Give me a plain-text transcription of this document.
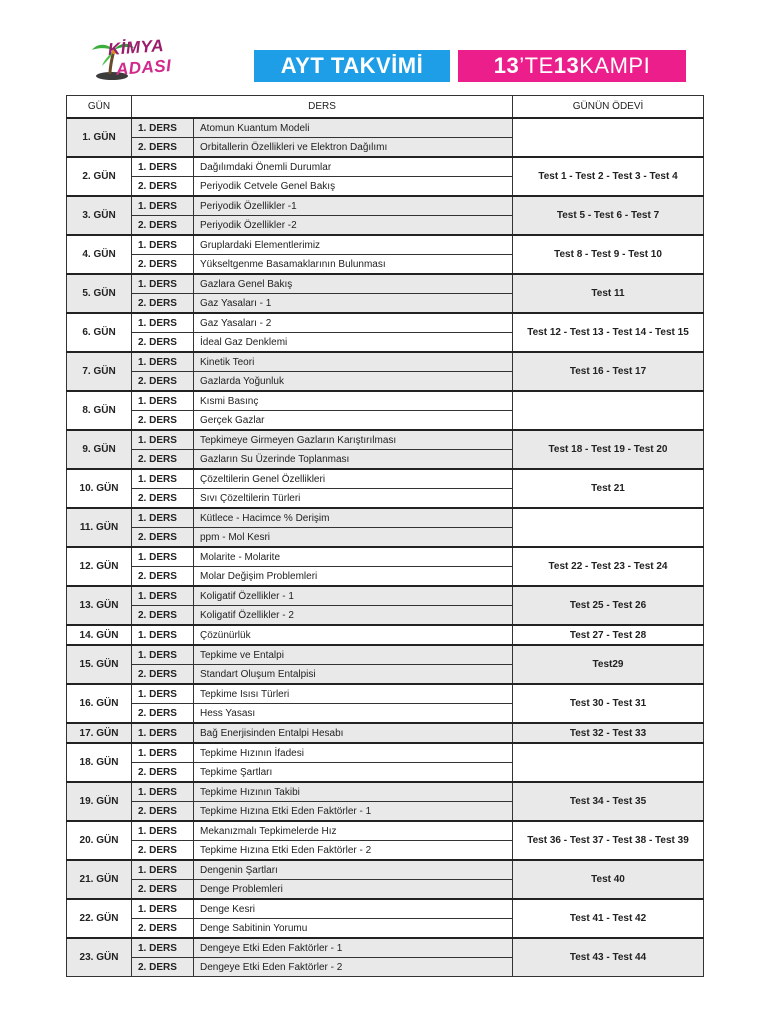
KİMYA
ADASI	AYT TAKVİMİ	13 ’TE 13 KAMPI
GÜN	DERS		GÜNÜN ÖDEVİ
1. GÜN	1. DERS	Atomun Kuantum Modeli	
	2. DERS	Orbitallerin Özellikleri ve Elektron Dağılımı	
2. GÜN	1. DERS	Dağılımdaki Önemli Durumlar	Test 1 - Test 2 - Test 3 - Test 4
	2. DERS	Periyodik Cetvele Genel Bakış	
3. GÜN	1. DERS	Periyodik Özellikler -1	Test 5 - Test 6 - Test 7
	2. DERS	Periyodik Özellikler -2	
4. GÜN	1. DERS	Gruplardaki Elementlerimiz	Test 8 - Test 9 - Test 10
	2. DERS	Yükseltgenme Basamaklarının Bulunması	
5. GÜN	1. DERS	Gazlara Genel Bakış	Test 11
	2. DERS	Gaz Yasaları - 1	
6. GÜN	1. DERS	Gaz Yasaları - 2	Test 12 - Test 13 - Test 14 - Test 15
	2. DERS	İdeal Gaz Denklemi	
7. GÜN	1. DERS	Kinetik Teori	Test 16 - Test 17
	2. DERS	Gazlarda Yoğunluk	
8. GÜN	1. DERS	Kısmi Basınç	
	2. DERS	Gerçek Gazlar	
9. GÜN	1. DERS	Tepkimeye Girmeyen Gazların Karıştırılması	Test 18 - Test 19 - Test 20
	2. DERS	Gazların Su Üzerinde Toplanması	
10. GÜN	1. DERS	Çözeltilerin Genel Özellikleri	Test 21
	2. DERS	Sıvı Çözeltilerin Türleri	
11. GÜN	1. DERS	Kütlece - Hacimce % Derişim	
	2. DERS	ppm - Mol Kesri	
12. GÜN	1. DERS	Molarite - Molarite	Test 22 - Test 23 - Test 24
	2. DERS	Molar Değişim Problemleri	
13. GÜN	1. DERS	Koligatif Özellikler - 1	Test 25 - Test 26
	2. DERS	Koligatif Özellikler - 2	
14. GÜN	1. DERS	Çözünürlük	Test 27 - Test 28
15. GÜN	1. DERS	Tepkime ve Entalpi	Test29
	2. DERS	Standart Oluşum Entalpisi	
16. GÜN	1. DERS	Tepkime Isısı Türleri	Test 30 - Test 31
	2. DERS	Hess Yasası	
17. GÜN	1. DERS	Bağ Enerjisinden Entalpi Hesabı	Test 32 - Test 33
18. GÜN	1. DERS	Tepkime Hızının İfadesi	
	2. DERS	Tepkime Şartları	
19. GÜN	1. DERS	Tepkime Hızının Takibi	Test 34 - Test 35
	2. DERS	Tepkime Hızına Etki Eden Faktörler - 1	
20. GÜN	1. DERS	Mekanızmalı Tepkimelerde Hız	Test 36 - Test 37 - Test 38 - Test 39
	2. DERS	Tepkime Hızına Etki Eden Faktörler - 2	
21. GÜN	1. DERS	Dengenin Şartları	Test 40
	2. DERS	Denge Problemleri	
22. GÜN	1. DERS	Denge Kesri	Test 41 - Test 42
	2. DERS	Denge Sabitinin Yorumu	
23. GÜN	1. DERS	Dengeye Etki Eden Faktörler - 1	Test 43 - Test 44
	2. DERS	Dengeye Etki Eden Faktörler - 2	
